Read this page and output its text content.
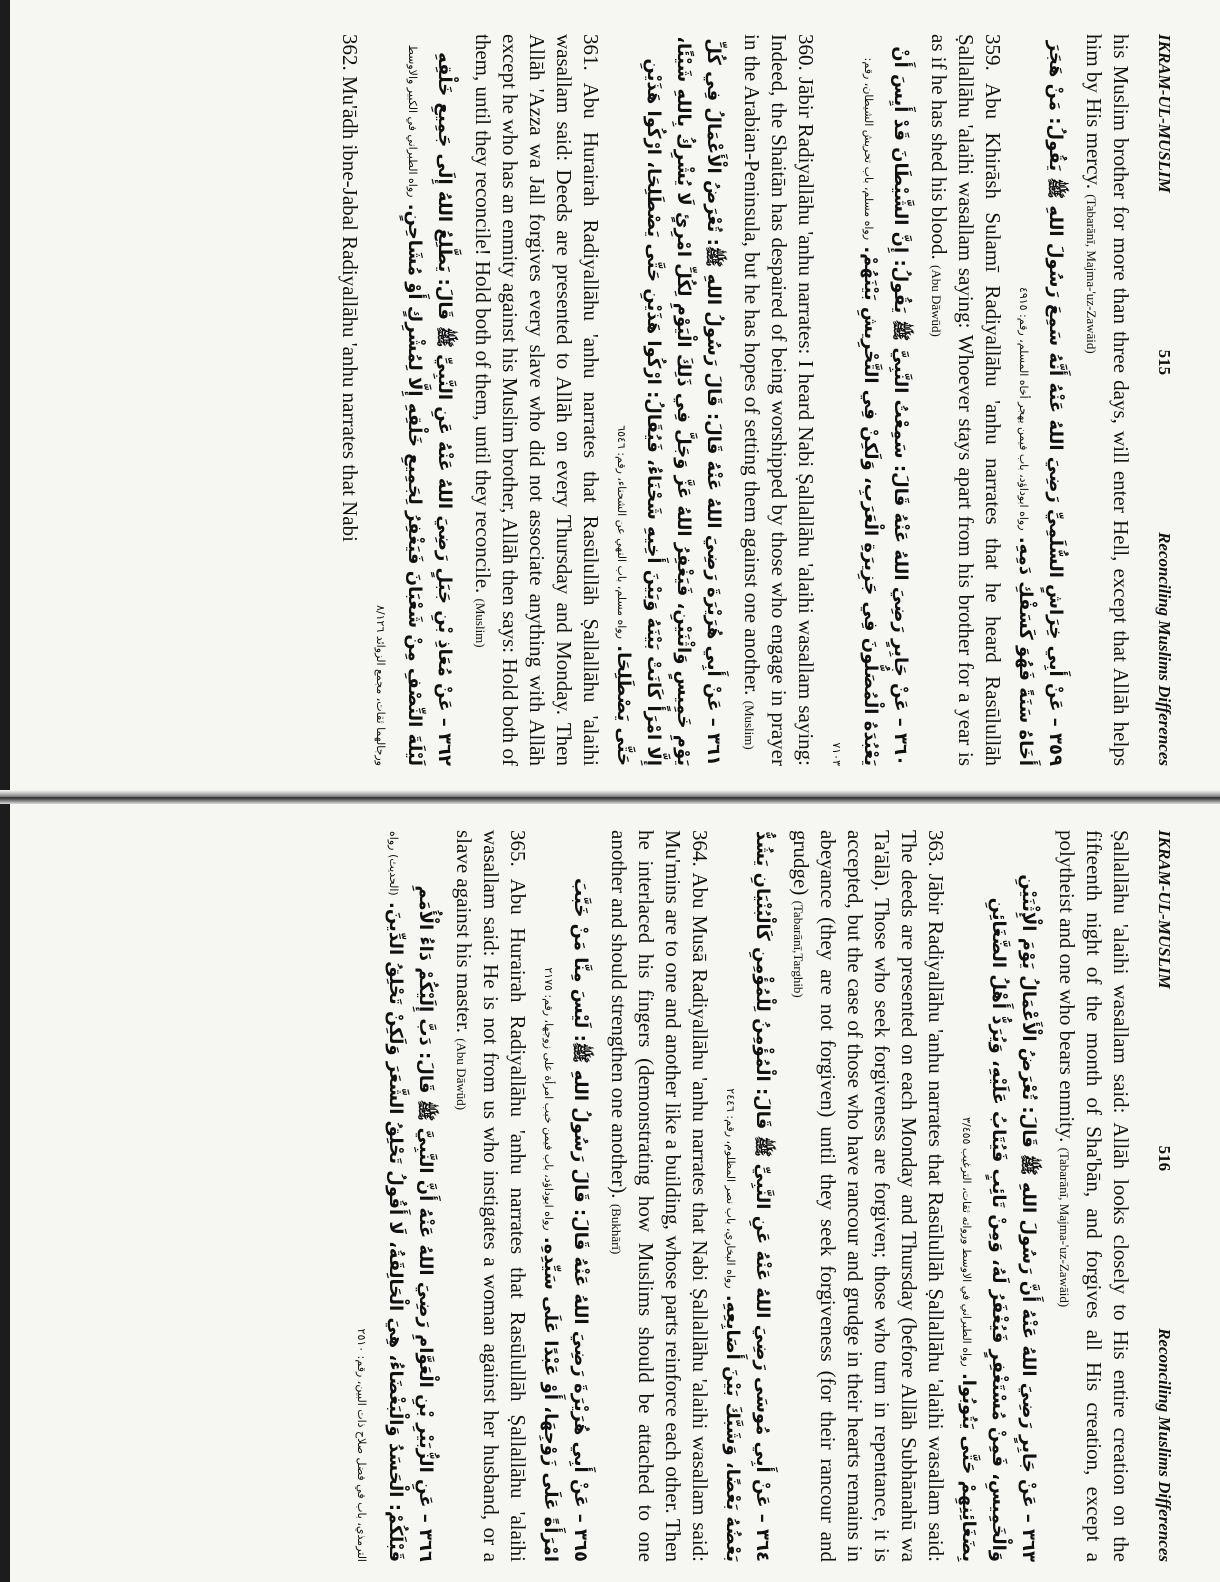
IKRAM-UL-MUSLIM
515
Reconciling Muslims Differences

his Muslim brother for more than three days, will enter Hell, except that Allāh helps him by His mercy. (Tabarānī, Majma-'uz-Zawāid)

٣٥٩ – عَنْ أَبِي خِرَاشٍ السُّلَمِيِّ رَضِيَ اللهُ عَنْهُ أَنَّهُ سَمِعَ رَسُولَ اللهِ ﷺ يَقُولُ: مَنْ هَجَرَ أَخَاهُ سَنَةً فَهُوَ كَسَفْكِ دَمِهِ. رواه ابوداؤد، باب فيمن يهجر أخاه المسلم، رقم: ٤٩١٥

359. Abu Khirāsh Sulamī Radiyallāhu 'anhu narrates that he heard Rasūlullāh Ṣallallāhu 'alaihi wasallam saying: Whoever stays apart from his brother for a year is as if he has shed his blood. (Abu Dāwūd)

٣٦٠ – عَنْ جَابِرٍ رَضِيَ اللهُ عَنْهُ قَالَ: سَمِعْتُ النَّبِيَّ ﷺ يَقُولُ: إِنَّ الشَّيْطَانَ قَدْ أَيِسَ أَنْ يَعْبُدَهُ الْمُصَلُّونَ فِي جَزِيرَةِ الْعَرَبِ، وَلَكِنْ فِي التَّحْرِيشِ بَيْنَهُمْ. رواه مسلم، باب تحريش الشيطان، رقم: ٧١٠٣

360. Jābir Radiyallāhu 'anhu narrates: I heard Nabi Ṣallallāhu 'alaihi wasallam saying: Indeed, the Shaitān has despaired of being worshipped by those who engage in prayer in the Arabian-Peninsula, but he has hopes of setting them against one another. (Muslim)

٣٦١ – عَنْ أَبِي هُرَيْرَةَ رَضِيَ اللهُ عَنْهُ قَالَ: قَالَ رَسُولُ اللهِ ﷺ: تُعْرَضُ الْأَعْمَالُ فِي كُلِّ يَوْمِ خَمِيسٍ وَاثْنَيْنِ، فَيَغْفِرُ اللهُ عَزَّ وَجَلَّ فِي ذَلِكَ الْيَوْمِ لِكُلِّ امْرِئٍ لَا يُشْرِكُ بِاللهِ شَيْئًا، إِلَّا امْرَأً كَانَتْ بَيْنَهُ وَبَيْنَ أَخِيهِ شَحْنَاءُ، فَيُقَالُ: ارْكُوا هَذَيْنِ حَتَّى يَصْطَلِحَا، ارْكُوا هَذَيْنِ حَتَّى يَصْطَلِحَا. رواه مسلم، باب النهي عن الشحناء، رقم: ٦٥٤٦

361. Abu Hurairah Radiyallāhu 'anhu narrates that Rasūlullāh Ṣallallāhu 'alaihi wasallam said: Deeds are presented to Allāh on every Thursday and Monday. Then Allāh 'Azza wa Jall forgives every slave who did not associate anything with Allāh except he who has an enmity against his Muslim brother, Allāh then says: Hold both of them, until they reconcile! Hold both of them, until they reconcile. (Muslim)

٣٦٢ – عَنْ مُعَاذِ بْنِ جَبَلٍ رَضِيَ اللهُ عَنْهُ عَنِ النَّبِيِّ ﷺ قَالَ: يَطَّلِعُ اللهُ إِلَى جَمِيعِ خَلْقِهِ لَيْلَةَ النِّصْفِ مِنْ شَعْبَانَ فَيَغْفِرُ لِجَمِيعِ خَلْقِهِ إِلَّا لِمُشْرِكٍ أَوْ مُشَاحِنٍ. رواه الطبراني في الكبير والاوسط ورجالهما ثقات، مجمع الزوائد ٨/١٢٦

362. Mu'ādh ibne-Jabal Radiyallāhu 'anhu narrates that Nabi

IKRAM-UL-MUSLIM
516
Reconciling Muslims Differences

Ṣallallāhu 'alaihi wasallam said: Allāh looks closely to His entire creation on the fifteenth night of the month of Sha'bān, and forgives all His creation, except a polytheist and one who bears enmity. (Tabarānī, Majma-'uz-Zawāid)

٣٦٣ – عَنْ جَابِرٍ رَضِيَ اللهُ عَنْهُ أَنَّ رَسُولَ اللهِ ﷺ قَالَ: تُعْرَضُ الْأَعْمَالُ يَوْمَ الْإِثْنَيْنِ وَالْخَمِيسِ، فَمِنْ مُسْتَغْفِرٍ فَيُغْفَرُ لَهُ، وَمِنْ تَائِبٍ فَيُتَابُ عَلَيْهِ، وَيُرَدُّ أَهْلُ الضَّغَائِنِ بِضَغَائِنِهِمْ حَتَّى يَتُوبُوا. رواه الطبراني في الاوسط ورواته ثقات، الترغيب ٣/٤٥٥

363. Jābir Radiyallāhu 'anhu narrates that Rasūlullāh Ṣallallāhu 'alaihi wasallam said: The deeds are presented on each Monday and Thursday (before Allāh Subhānahū wa Ta'ālā). Those who seek forgiveness are forgiven; those who turn in repentance, it is accepted, but the case of those who have rancour and grudge in their hearts remains in abeyance (they are not forgiven) until they seek forgiveness (for their rancour and grudge) (Tabarānī,Targhib)

٣٦٤ – عَنْ أَبِي مُوسَى رَضِيَ اللهُ عَنْهُ عَنِ النَّبِيِّ ﷺ قَالَ: الْمُؤْمِنُ لِلْمُؤْمِنِ كَالْبُنْيَانِ يَشُدُّ بَعْضُهُ بَعْضًا، وَشَبَّكَ بَيْنَ أَصَابِعِهِ. رواه البخاري، باب نصر المظلوم، رقم: ٢٤٤٦

364. Abu Musā Radiyallāhu 'anhu narrates that Nabi Ṣallallāhu 'alaihi wasallam said: Mu'mins are to one and another like a building, whose parts reinforce each other. Then he interlaced his fingers (demonstrating how Muslims should be attached to one another and should strengthen one another). (Bukhārī)

٣٦٥ – عَنْ أَبِي هُرَيْرَةَ رَضِيَ اللهُ عَنْهُ قَالَ: قَالَ رَسُولُ اللهِ ﷺ: لَيْسَ مِنَّا مَنْ خَبَّبَ امْرَأَةً عَلَى زَوْجِهَا، أَوْ عَبْدًا عَلَى سَيِّدِهِ. رواه ابوداؤد، باب فيمن خبب امرأة على زوجها، رقم: ٢١٧٥

365. Abu Hurairah Radiyallāhu 'anhu narrates that Rasūlullāh Ṣallallāhu 'alaihi wasallam said: He is not from us who instigates a woman against her husband, or a slave against his master. (Abu Dāwūd)

٣٦٦ – عَنِ الزُّبَيْرِ بْنِ الْعَوَّامِ رَضِيَ اللهُ عَنْهُ أَنَّ النَّبِيَّ ﷺ قَالَ: دَبَّ إِلَيْكُمْ دَاءُ الْأُمَمِ قَبْلَكُمْ: الْحَسَدُ وَالْبَغْضَاءُ، هِيَ الْحَالِقَةُ، لَا أَقُولُ تَحْلِقُ الشَّعَرَ وَلَكِنْ تَحْلِقُ الدِّينَ. (الحديث) رواه الترمذي، باب في فضل صلاح ذات البين، رقم: ٢٥١٠
